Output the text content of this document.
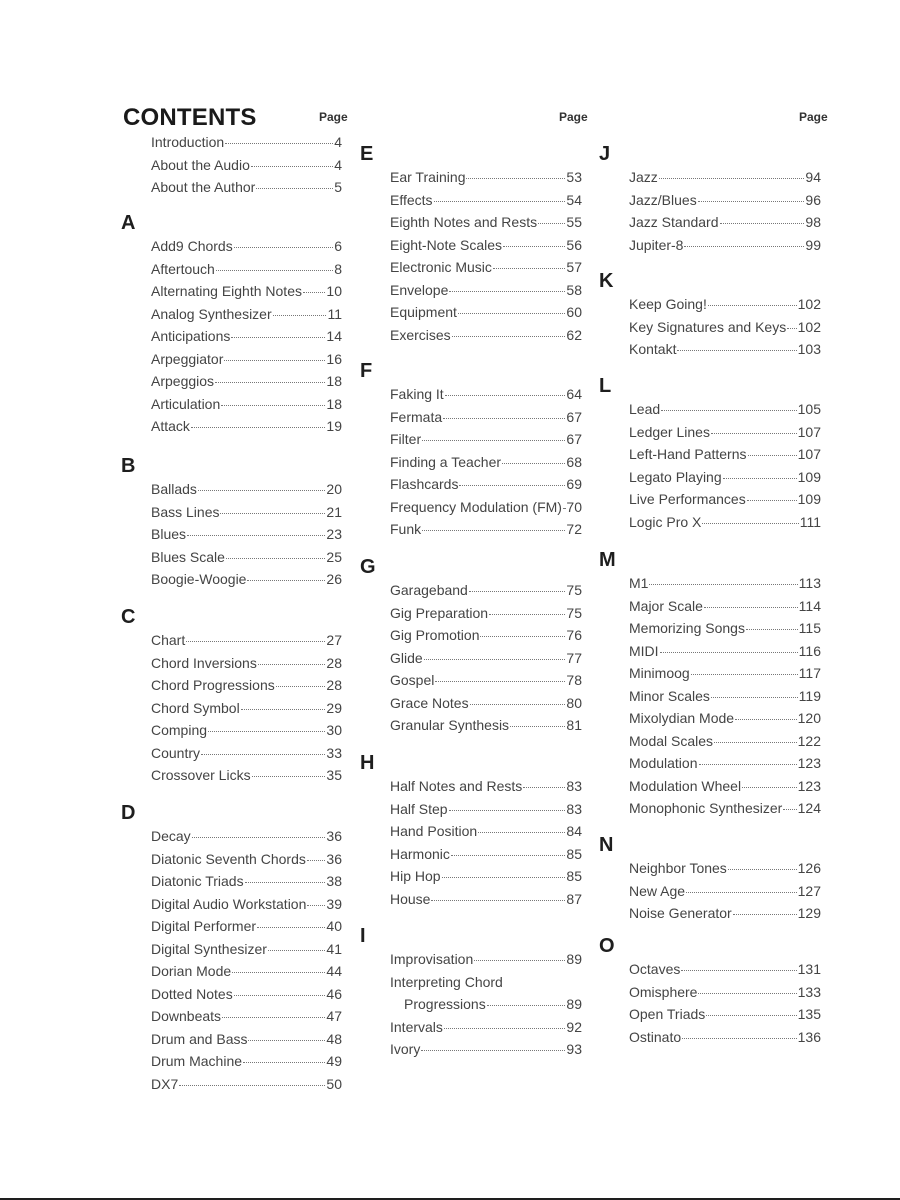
CONTENTS	Page	Page	Page
Introduction	4
About the Audio	4
About the Author	5
A
Add9 Chords	6
Aftertouch	8
Alternating Eighth Notes 10
Analog Synthesizer	11
Anticipations	14
Arpeggiator	16
Arpeggios	18
Articulation	18
Attack	19
B
Ballads	20
Bass Lines	21
Blues	23
Blues Scale	25
Boogie-Woogie	26
C
Chart	27
Chord Inversions	28
Chord Progressions	28
Chord Symbol	29
Comping	30
Country	33
Crossover Licks	35
D
Decay	36
Diatonic Seventh Chords 36
Diatonic Triads	38
Digital Audio Workstation 39
Digital Performer	40
Digital Synthesizer	41
Dorian Mode	44
Dotted Notes	46
Downbeats	47
Drum and Bass	48
Drum Machine	49
DX7	50
E
Ear Training	53
Effects	54
Eighth Notes and Rests 55
Eight-Note Scales	56
Electronic Music	57
Envelope	58
Equipment	60
Exercises	62
F
Faking It	64
Fermata	67
Filter	67
Finding a Teacher	68
Flashcards	69
Frequency Modulation (FM) 70
Funk	72
G
Garageband	75
Gig Preparation	75
Gig Promotion	76
Glide	77
Gospel	78
Grace Notes	80
Granular Synthesis	81
H
Half Notes and Rests	83
Half Step	83
Hand Position	84
Harmonic	85
Hip Hop	85
House	87
I
Improvisation	89
Interpreting Chord
Progressions	89
Intervals	92
Ivory	93
J
Jazz	94
Jazz/Blues	96
Jazz Standard	98
Jupiter-8	99
K
Keep Going!	102
Key Signatures and Keys 102
Kontakt	103
L
Lead	105
Ledger Lines	107
Left-Hand Patterns	107
Legato Playing	109
Live Performances	109
Logic Pro X	111
M
M1	113
Major Scale	114
Memorizing Songs	115
MIDI	116
Minimoog	117
Minor Scales	119
Mixolydian Mode	120
Modal Scales	122
Modulation	123
Modulation Wheel	123
Monophonic Synthesizer 124
N
Neighbor Tones	126
New Age	127
Noise Generator	129
O
Octaves	131
Omisphere	133
Open Triads	135
Ostinato	136
